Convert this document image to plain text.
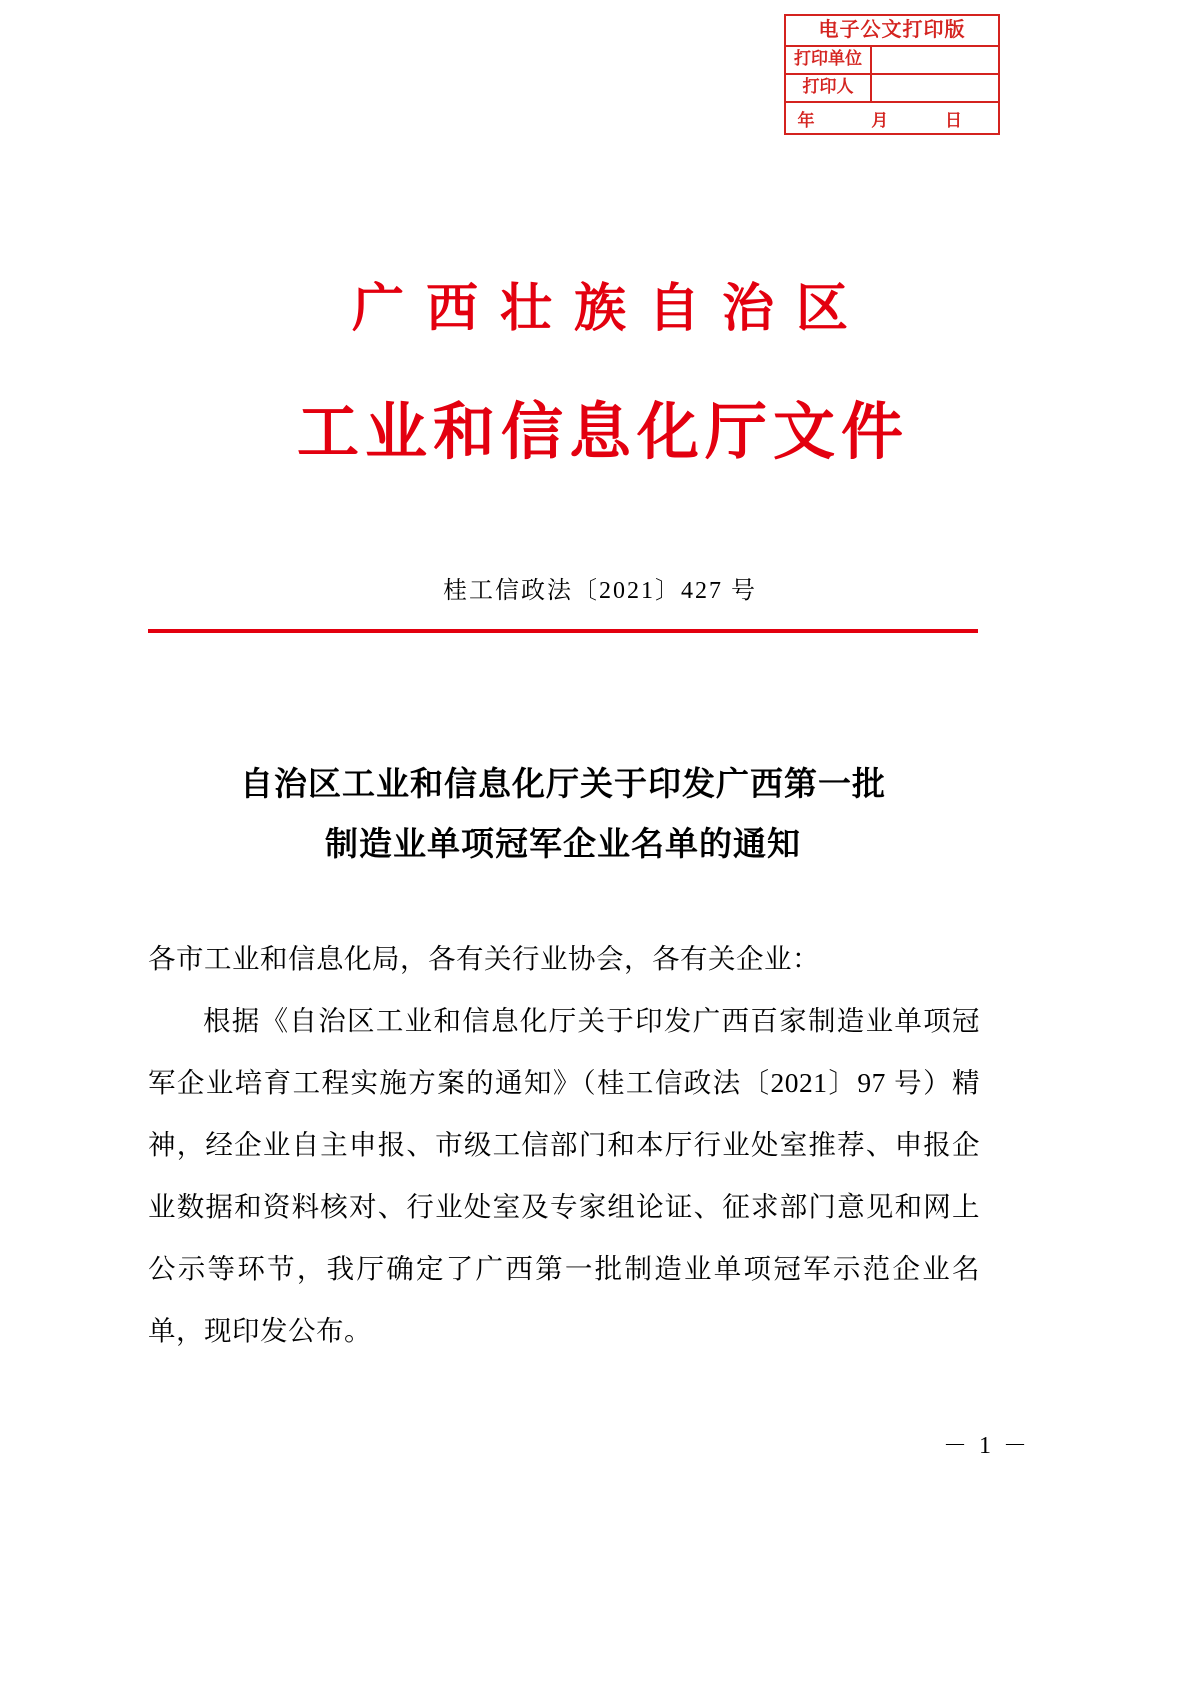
电子公文打印版
打印单位
打印人
年 月 日
广西壮族自治区
工业和信息化厅文件
桂工信政法〔2021〕427 号
自治区工业和信息化厅关于印发广西第一批
制造业单项冠军企业名单的通知

各市工业和信息化局，各有关行业协会，各有关企业：

根据《自治区工业和信息化厅关于印发广西百家制造业单项冠军企业培育工程实施方案的通知》（桂工信政法〔2021〕97 号）精神，经企业自主申报、市级工信部门和本厅行业处室推荐、申报企业数据和资料核对、行业处室及专家组论证、征求部门意见和网上公示等环节，我厅确定了广西第一批制造业单项冠军示范企业名单，现印发公布。

－ 1 －
